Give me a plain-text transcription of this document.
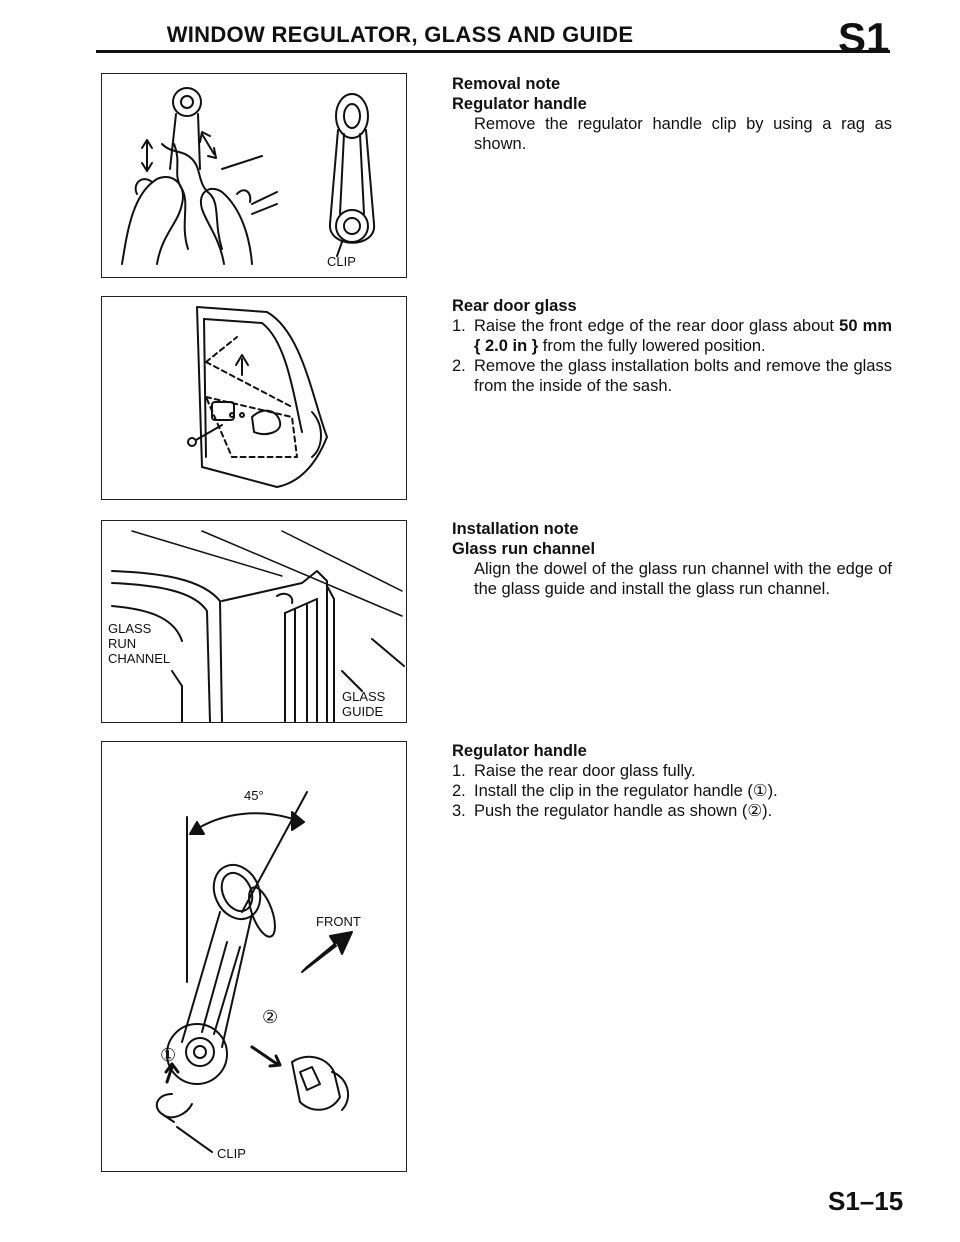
WINDOW REGULATOR, GLASS AND GUIDE	S1
CLIP
GLASS
RUN
CHANNEL
GLASS
GUIDE
45°
FRONT
②
①
CLIP
Removal note
Regulator handle
Remove the regulator handle clip by using a rag as shown.
Rear door glass
1. Raise the front edge of the rear door glass about 50 mm { 2.0 in } from the fully lowered position.
2. Remove the glass installation bolts and remove the glass from the inside of the sash.
Installation note
Glass run channel
Align the dowel of the glass run channel with the edge of the glass guide and install the glass run channel.
Regulator handle
1. Raise the rear door glass fully.
2. Install the clip in the regulator handle (①).
3. Push the regulator handle as shown (②).
S1–15
